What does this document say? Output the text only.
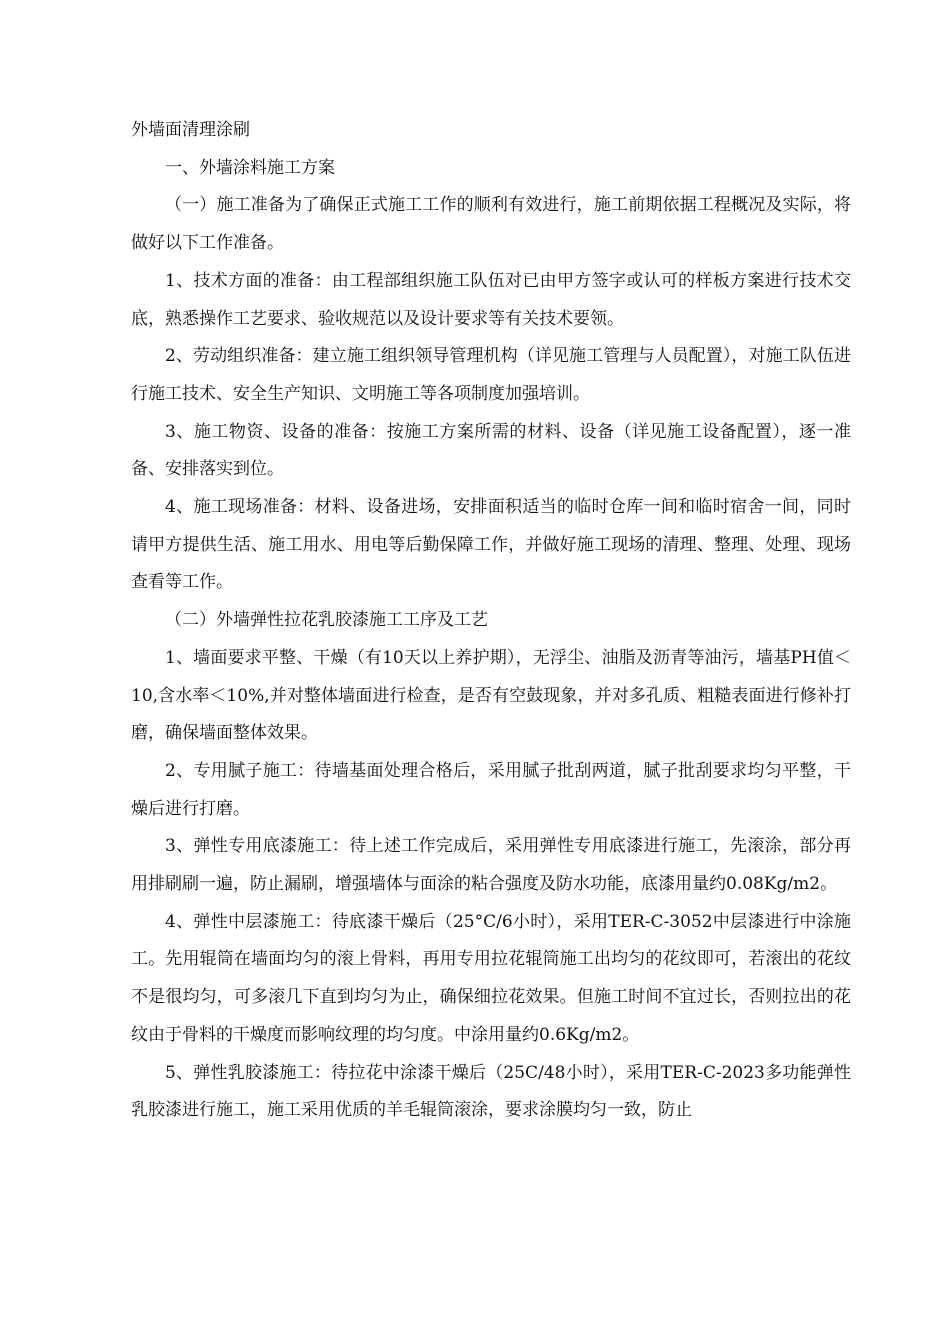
外墙面清理涂刷

一、外墙涂料施工方案

（一）施工准备为了确保正式施工工作的顺利有效进行，施工前期依据工程概况及实际，将做好以下工作准备。

1、技术方面的准备：由工程部组织施工队伍对已由甲方签字或认可的样板方案进行技术交底，熟悉操作工艺要求、验收规范以及设计要求等有关技术要领。

2、劳动组织准备：建立施工组织领导管理机构（详见施工管理与人员配置），对施工队伍进行施工技术、安全生产知识、文明施工等各项制度加强培训。

3、施工物资、设备的准备：按施工方案所需的材料、设备（详见施工设备配置），逐一准备、安排落实到位。

4、施工现场准备：材料、设备进场，安排面积适当的临时仓库一间和临时宿舍一间，同时请甲方提供生活、施工用水、用电等后勤保障工作，并做好施工现场的清理、整理、处理、现场查看等工作。

（二）外墙弹性拉花乳胶漆施工工序及工艺

1、墙面要求平整、干燥（有10天以上养护期），无浮尘、油脂及沥青等油污，墙基PH值＜10,含水率＜10%,并对整体墙面进行检查，是否有空鼓现象，并对多孔质、粗糙表面进行修补打磨，确保墙面整体效果。

2、专用腻子施工：待墙基面处理合格后，采用腻子批刮两道，腻子批刮要求均匀平整，干燥后进行打磨。

3、弹性专用底漆施工：待上述工作完成后，采用弹性专用底漆进行施工，先滚涂，部分再用排刷刷一遍，防止漏刷，增强墙体与面涂的粘合强度及防水功能，底漆用量约0.08Kg/m2。

4、弹性中层漆施工：待底漆干燥后（25°C/6小时），采用TER-C-3052中层漆进行中涂施工。先用辊筒在墙面均匀的滚上骨料，再用专用拉花辊筒施工出均匀的花纹即可，若滚出的花纹不是很均匀，可多滚几下直到均匀为止，确保细拉花效果。但施工时间不宜过长，否则拉出的花纹由于骨料的干燥度而影响纹理的均匀度。中涂用量约0.6Kg/m2。

5、弹性乳胶漆施工：待拉花中涂漆干燥后（25C/48小时），采用TER-C-2023多功能弹性乳胶漆进行施工，施工采用优质的羊毛辊筒滚涂，要求涂膜均匀一致，防止
